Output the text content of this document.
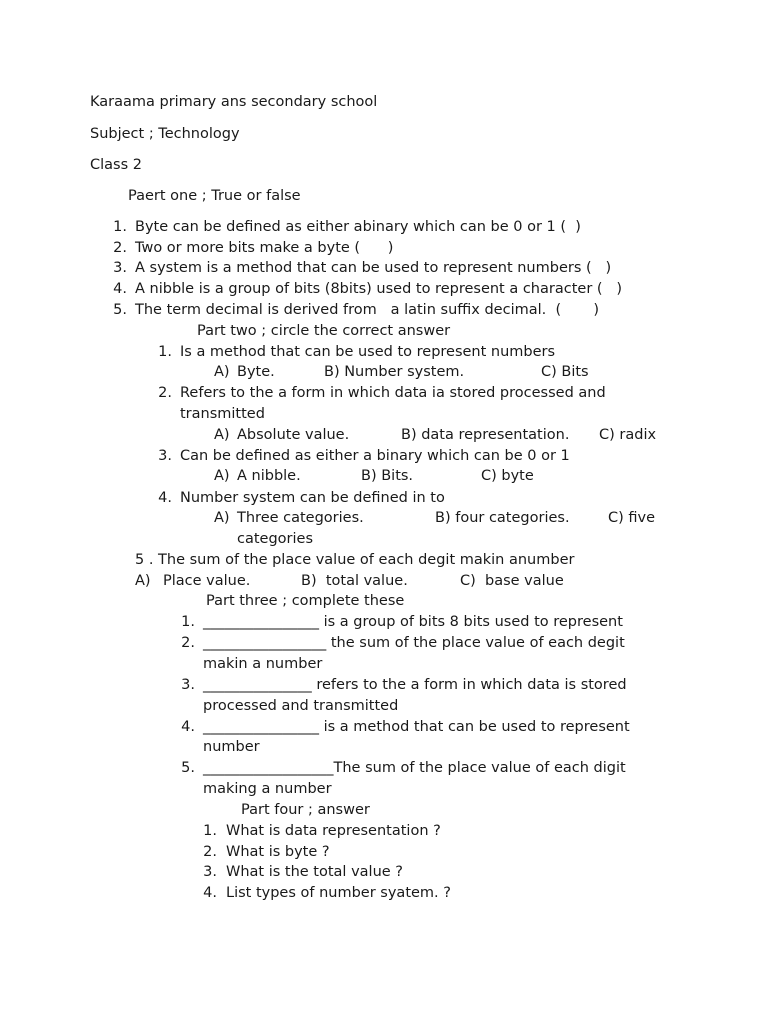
Karaama primary ans secondary school
Subject ; Technology
Class 2
Paert one ; True or false
1. Byte can be defined as either abinary which can be 0 or 1 (  )
2. Two or more bits make a byte (      )
3. A system is a method that can be used to represent numbers (   )
4. A nibble is a group of bits (8bits) used to represent a character (   )
5. The term decimal is derived from   a latin suffix decimal.  (       )
Part two ; circle the correct answer
1. Is a method that can be used to represent numbers
A) Byte.	B) Number system.	C) Bits
2. Refers to the a form in which data ia stored processed and
transmitted
A) Absolute value.	B) data representation. C) radix
3. Can be defined as either a binary which can be 0 or 1
A) A nibble.	B) Bits.	C) byte
4. Number system can be defined in to
A) Three categories.	B) four categories.	C) five
categories
5 . The sum of the place value of each degit makin anumber
A) Place value.	B)  total value.	C)  base value
Part three ; complete these
1. ________________ is a group of bits 8 bits used to represent
2. _________________ the sum of the place value of each degit
makin a number
3. _______________ refers to the a form in which data is stored
processed and transmitted
4. ________________ is a method that can be used to represent
number
5. __________________The sum of the place value of each digit
making a number
Part four ; answer
1. What is data representation ?
2. What is byte ?
3. What is the total value ?
4. List types of number syatem. ?
